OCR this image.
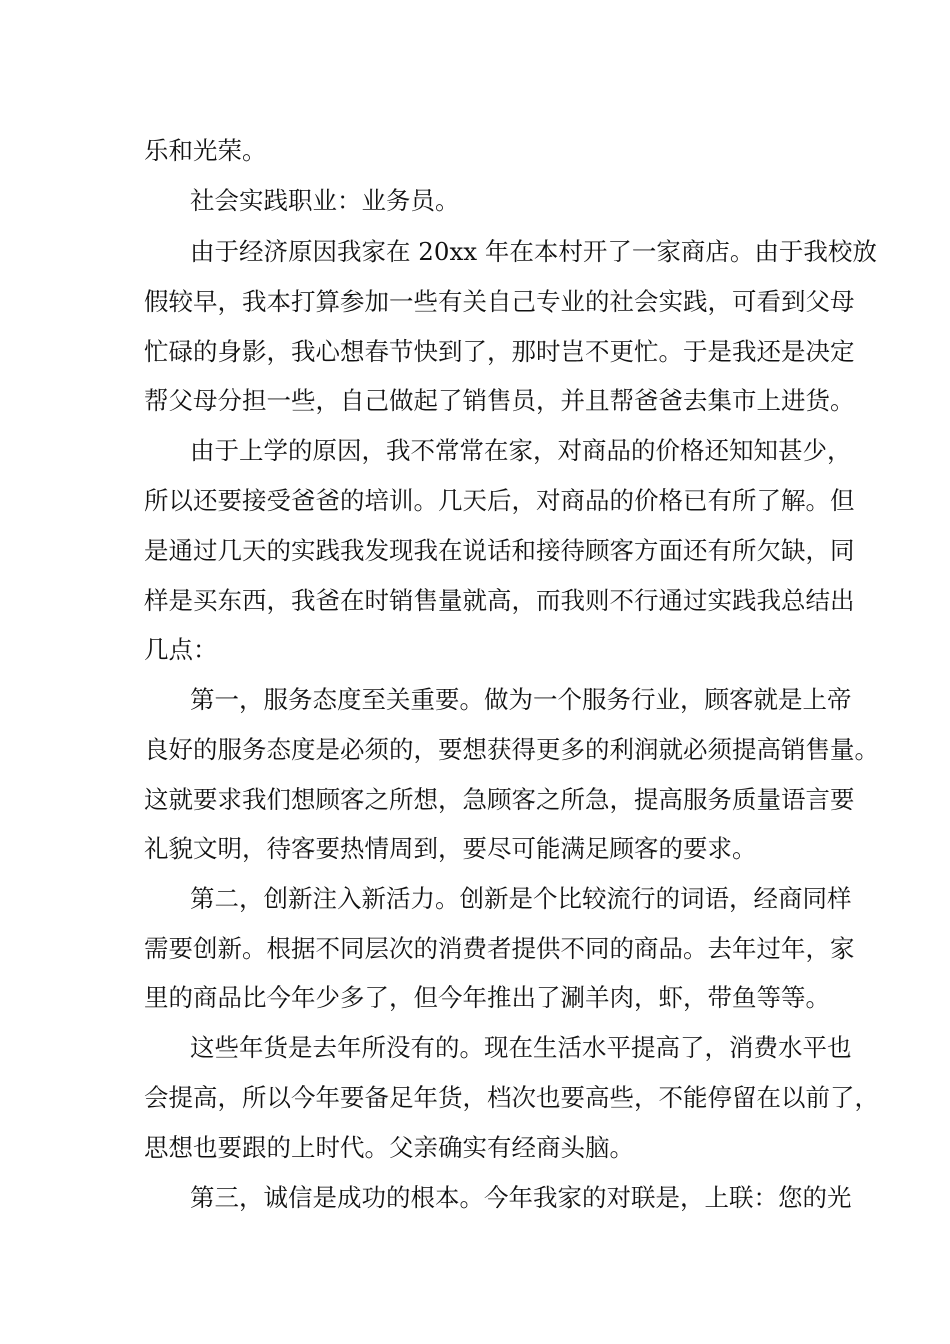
乐和光荣。
社会实践职业：业务员。
由于经济原因我家在 20xx 年在本村开了一家商店。由于我校放
假较早，我本打算参加一些有关自己专业的社会实践，可看到父母
忙碌的身影，我心想春节快到了，那时岂不更忙。于是我还是决定
帮父母分担一些，自己做起了销售员，并且帮爸爸去集市上进货。
由于上学的原因，我不常常在家，对商品的价格还知知甚少，
所以还要接受爸爸的培训。几天后，对商品的价格已有所了解。但
是通过几天的实践我发现我在说话和接待顾客方面还有所欠缺，同
样是买东西，我爸在时销售量就高，而我则不行通过实践我总结出
几点：
第一，服务态度至关重要。做为一个服务行业，顾客就是上帝
良好的服务态度是必须的，要想获得更多的利润就必须提高销售量。
这就要求我们想顾客之所想，急顾客之所急，提高服务质量语言要
礼貌文明，待客要热情周到，要尽可能满足顾客的要求。
第二，创新注入新活力。创新是个比较流行的词语，经商同样
需要创新。根据不同层次的消费者提供不同的商品。去年过年，家
里的商品比今年少多了，但今年推出了涮羊肉，虾，带鱼等等。
这些年货是去年所没有的。现在生活水平提高了，消费水平也
会提高，所以今年要备足年货，档次也要高些，不能停留在以前了，
思想也要跟的上时代。父亲确实有经商头脑。
第三，诚信是成功的根本。今年我家的对联是，上联：您的光
